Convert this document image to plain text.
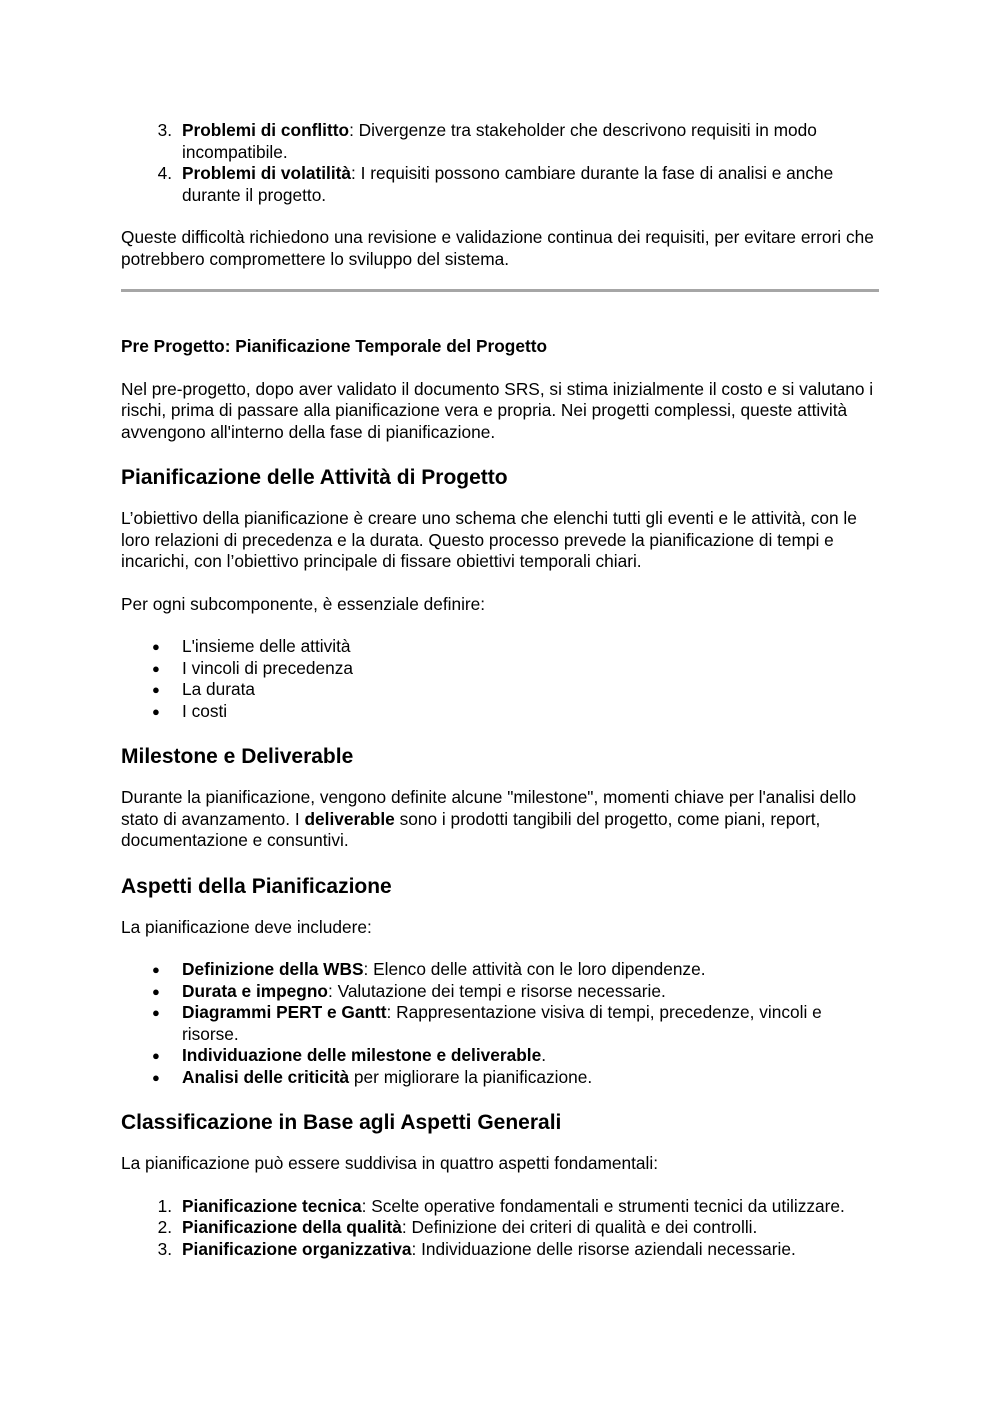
3. Problemi di conflitto: Divergenze tra stakeholder che descrivono requisiti in modo incompatibile.
4. Problemi di volatilità: I requisiti possono cambiare durante la fase di analisi e anche durante il progetto.

Queste difficoltà richiedono una revisione e validazione continua dei requisiti, per evitare errori che potrebbero compromettere lo sviluppo del sistema.

Pre Progetto: Pianificazione Temporale del Progetto

Nel pre-progetto, dopo aver validato il documento SRS, si stima inizialmente il costo e si valutano i rischi, prima di passare alla pianificazione vera e propria. Nei progetti complessi, queste attività avvengono all'interno della fase di pianificazione.

Pianificazione delle Attività di Progetto

L’obiettivo della pianificazione è creare uno schema che elenchi tutti gli eventi e le attività, con le loro relazioni di precedenza e la durata. Questo processo prevede la pianificazione di tempi e incarichi, con l’obiettivo principale di fissare obiettivi temporali chiari.

Per ogni subcomponente, è essenziale definire:

● L'insieme delle attività
● I vincoli di precedenza
● La durata
● I costi
Milestone e Deliverable

Durante la pianificazione, vengono definite alcune "milestone", momenti chiave per l'analisi dello stato di avanzamento. I deliverable sono i prodotti tangibili del progetto, come piani, report, documentazione e consuntivi.

Aspetti della Pianificazione

La pianificazione deve includere:

● Definizione della WBS: Elenco delle attività con le loro dipendenze.
● Durata e impegno: Valutazione dei tempi e risorse necessarie.
● Diagrammi PERT e Gantt: Rappresentazione visiva di tempi, precedenze, vincoli e risorse.
● Individuazione delle milestone e deliverable.
● Analisi delle criticità per migliorare la pianificazione.
Classificazione in Base agli Aspetti Generali

La pianificazione può essere suddivisa in quattro aspetti fondamentali:

1. Pianificazione tecnica: Scelte operative fondamentali e strumenti tecnici da utilizzare.
2. Pianificazione della qualità: Definizione dei criteri di qualità e dei controlli.
3. Pianificazione organizzativa: Individuazione delle risorse aziendali necessarie.
